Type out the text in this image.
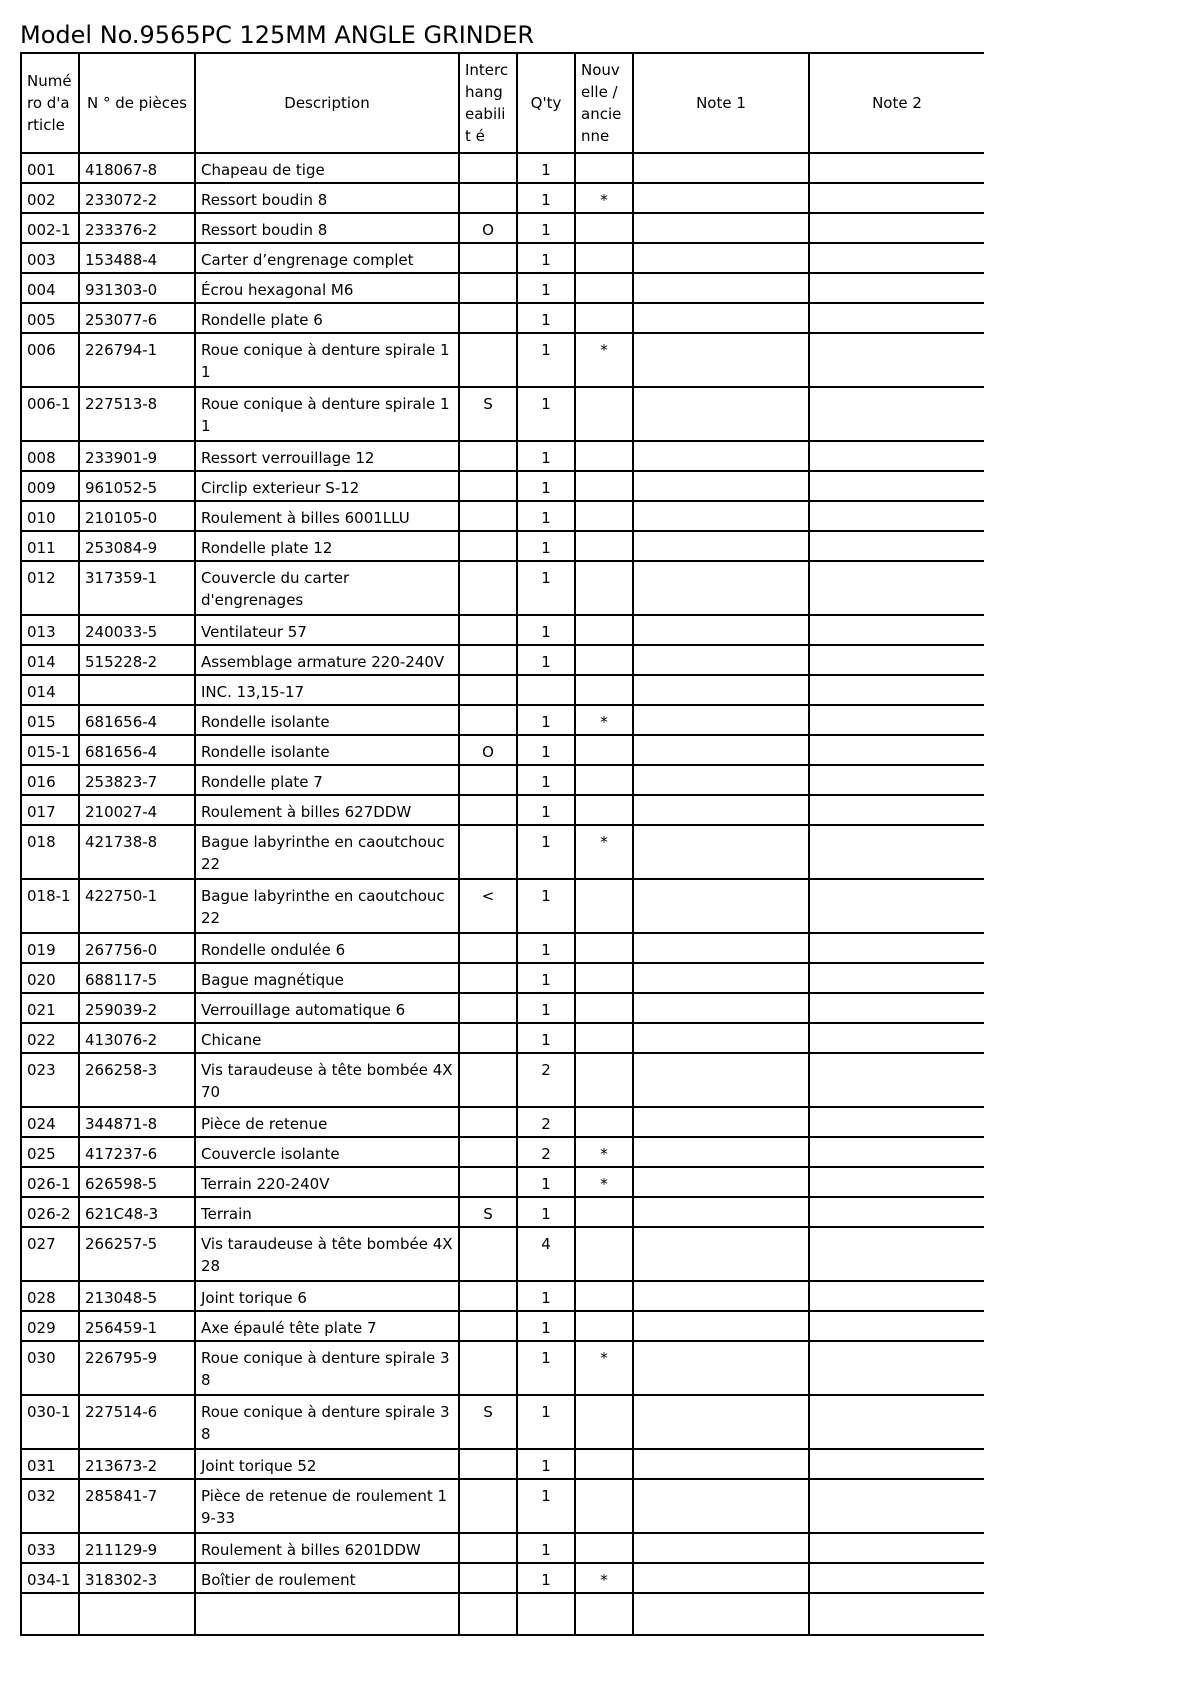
Model No.9565PC 125MM ANGLE GRINDER
Numé ro d'a rticle	N ° de pièces	Description	Interc hang eabilit é	Q'ty	Nouv elle / ancie nne	Note 1	Note 2
001	418067-8	Chapeau de tige		1			
002	233072-2	Ressort boudin 8		1	*		
002-1	233376-2	Ressort boudin 8	O	1			
003	153488-4	Carter d’engrenage complet		1			
004	931303-0	Écrou hexagonal M6		1			
005	253077-6	Rondelle plate 6		1			
006	226794-1	Roue conique à denture spirale 11		1	*		
006-1	227513-8	Roue conique à denture spirale 11	S	1			
008	233901-9	Ressort verrouillage 12		1			
009	961052-5	Circlip exterieur S-12		1			
010	210105-0	Roulement à billes 6001LLU		1			
011	253084-9	Rondelle plate 12		1			
012	317359-1	Couvercle du carter d'engrenages		1			
013	240033-5	Ventilateur 57		1			
014	515228-2	Assemblage armature 220-240V		1			
014		INC. 13,15-17					
015	681656-4	Rondelle isolante		1	*		
015-1	681656-4	Rondelle isolante	O	1			
016	253823-7	Rondelle plate 7		1			
017	210027-4	Roulement à billes 627DDW		1			
018	421738-8	Bague labyrinthe en caoutchouc 22		1	*		
018-1	422750-1	Bague labyrinthe en caoutchouc 22	<	1			
019	267756-0	Rondelle ondulée 6		1			
020	688117-5	Bague magnétique		1			
021	259039-2	Verrouillage automatique 6		1			
022	413076-2	Chicane		1			
023	266258-3	Vis taraudeuse à tête bombée 4X70		2			
024	344871-8	Pièce de retenue		2			
025	417237-6	Couvercle isolante		2	*		
026-1	626598-5	Terrain 220-240V		1	*		
026-2	621C48-3	Terrain	S	1			
027	266257-5	Vis taraudeuse à tête bombée 4X28		4			
028	213048-5	Joint torique 6		1			
029	256459-1	Axe épaulé tête plate 7		1			
030	226795-9	Roue conique à denture spirale 38		1	*		
030-1	227514-6	Roue conique à denture spirale 38	S	1			
031	213673-2	Joint torique 52		1			
032	285841-7	Pièce de retenue de roulement 19-33		1			
033	211129-9	Roulement à billes 6201DDW		1			
034-1	318302-3	Boîtier de roulement		1	*		
